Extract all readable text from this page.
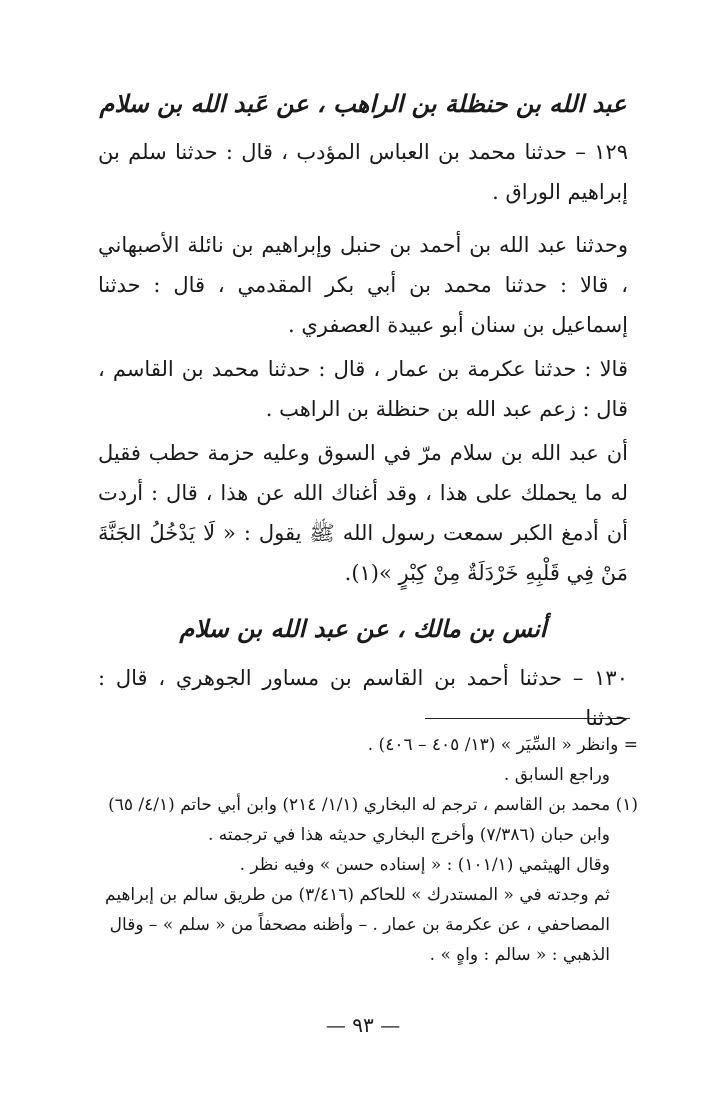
عبد الله بن حنظلة بن الراهب ، عن عَبد الله بن سلام
١٢٩ – حدثنا محمد بن العباس المؤدب ، قال : حدثنا سلم بن إبراهيم الوراق .
وحدثنا عبد الله بن أحمد بن حنبل وإبراهيم بن نائلة الأصبهاني ، قالا : حدثنا محمد بن أبي بكر المقدمي ، قال : حدثنا إسماعيل بن سنان أبو عبيدة العصفري .
قالا : حدثنا عكرمة بن عمار ، قال : حدثنا محمد بن القاسم ، قال : زعم عبد الله بن حنظلة بن الراهب .
أن عبد الله بن سلام مرّ في السوق وعليه حزمة حطب فقيل له ما يحملك على هذا ، وقد أغناك الله عن هذا ، قال : أردت أن أدمغ الكبر سمعت رسول الله ﷺ يقول : « لَا يَدْخُلُ الجَنَّةَ مَنْ فِي قَلْبِهِ خَرْدَلَةٌ مِنْ كِبْرٍ »(١).
أنس بن مالك ، عن عبد الله بن سلام
١٣٠ – حدثنا أحمد بن القاسم بن مساور الجوهري ، قال : حدثنا
= وانظر « السِّيَر » (١٣/ ٤٠٥ – ٤٠٦) .
وراجع السابق .
(١) محمد بن القاسم ، ترجم له البخاري (١/١/ ٢١٤) وابن أبي حاتم (٤/١/ ٦٥)
وابن حبان (٧/٣٨٦) وأخرج البخاري حديثه هذا في ترجمته .
وقال الهيثمي (١٠١/١) : « إسناده حسن » وفيه نظر .
ثم وجدته في « المستدرك » للحاكم (٣/٤١٦) من طريق سالم بن إبراهيم المصاحفي ، عن عكرمة بن عمار . – وأظنه مصحفاً من « سلم » – وقال الذهبي : « سالم : واهٍ » .
— ٩٣ —
